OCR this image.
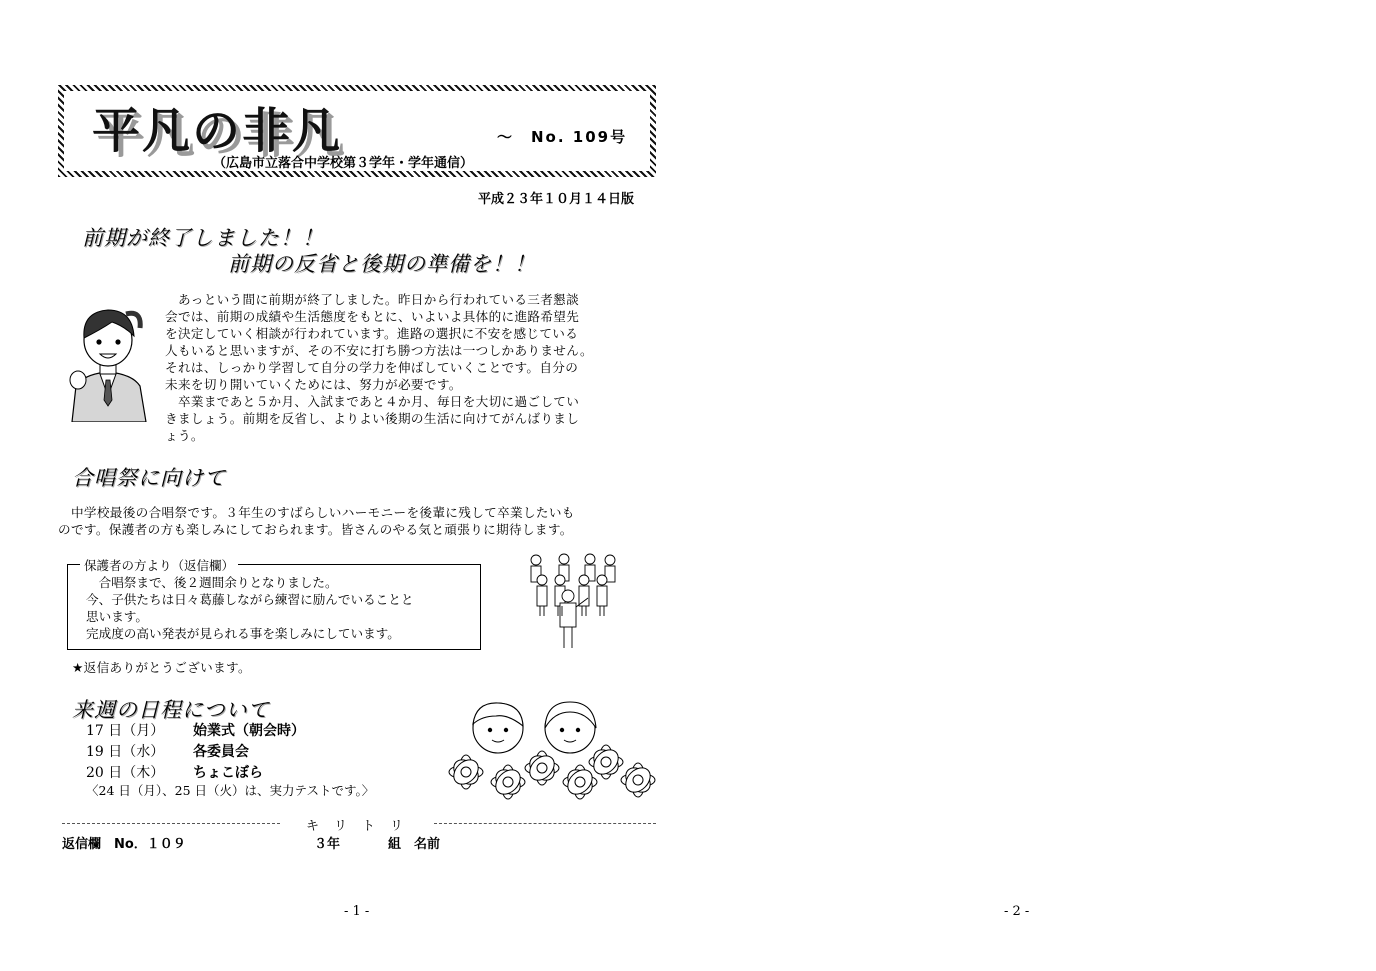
平凡の非凡	～　No. 109号
（広島市立落合中学校第３学年・学年通信）
平成２３年１０月１４日版
前期が終了しました！！
前期の反省と後期の準備を！！
　あっという間に前期が終了しました。昨日から行われている三者懇談
会では、前期の成績や生活態度をもとに、いよいよ具体的に進路希望先
を決定していく相談が行われています。進路の選択に不安を感じている
人もいると思いますが、その不安に打ち勝つ方法は一つしかありません。
それは、しっかり学習して自分の学力を伸ばしていくことです。自分の
未来を切り開いていくためには、努力が必要です。
　卒業まであと５か月、入試まであと４か月、毎日を大切に過ごしてい
きましょう。前期を反省し、よりよい後期の生活に向けてがんばりまし
ょう。
合唱祭に向けて
　中学校最後の合唱祭です。３年生のすばらしいハーモニーを後輩に残して卒業したいも
のです。保護者の方も楽しみにしておられます。皆さんのやる気と頑張りに期待します。
保護者の方より（返信欄）
　合唱祭まで、後２週間余りとなりました。
今、子供たちは日々葛藤しながら練習に励んでいることと
思います。
完成度の高い発表が見られる事を楽しみにしています。
★返信ありがとうございます。
来週の日程について
17 日（月） 始業式（朝会時）
19 日（水） 各委員会
20 日（木） ちょこぼら
〈24 日（月）、25 日（火）は、実力テストです。〉
キ　リ　ト　リ
返信欄　No．１０９	３年	組　名前
- 1 -	- 2 -
